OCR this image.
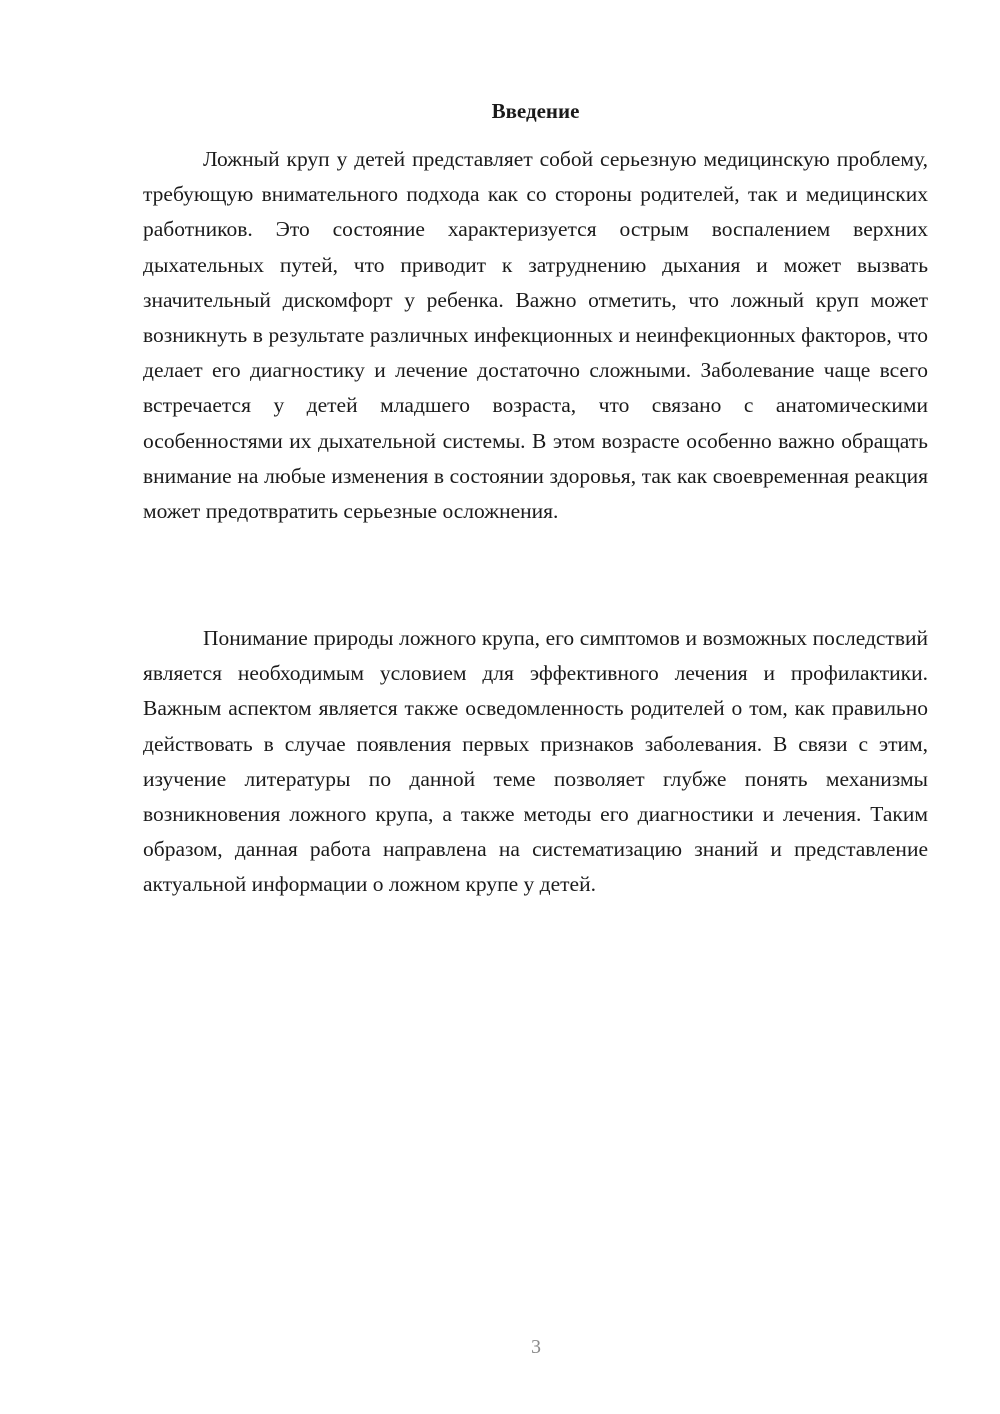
Введение

Ложный круп у детей представляет собой серьезную медицинскую проблему, требующую внимательного подхода как со стороны родителей, так и медицинских работников. Это состояние характеризуется острым воспалением верхних дыхательных путей, что приводит к затруднению дыхания и может вызвать значительный дискомфорт у ребенка. Важно отметить, что ложный круп может возникнуть в результате различных инфекционных и неинфекционных факторов, что делает его диагностику и лечение достаточно сложными. Заболевание чаще всего встречается у детей младшего возраста, что связано с анатомическими особенностями их дыхательной системы. В этом возрасте особенно важно обращать внимание на любые изменения в состоянии здоровья, так как своевременная реакция может предотвратить серьезные осложнения.

Понимание природы ложного крупа, его симптомов и возможных последствий является необходимым условием для эффективного лечения и профилактики. Важным аспектом является также осведомленность родителей о том, как правильно действовать в случае появления первых признаков заболевания. В связи с этим, изучение литературы по данной теме позволяет глубже понять механизмы возникновения ложного крупа, а также методы его диагностики и лечения. Таким образом, данная работа направлена на систематизацию знаний и представление актуальной информации о ложном крупе у детей.

3
